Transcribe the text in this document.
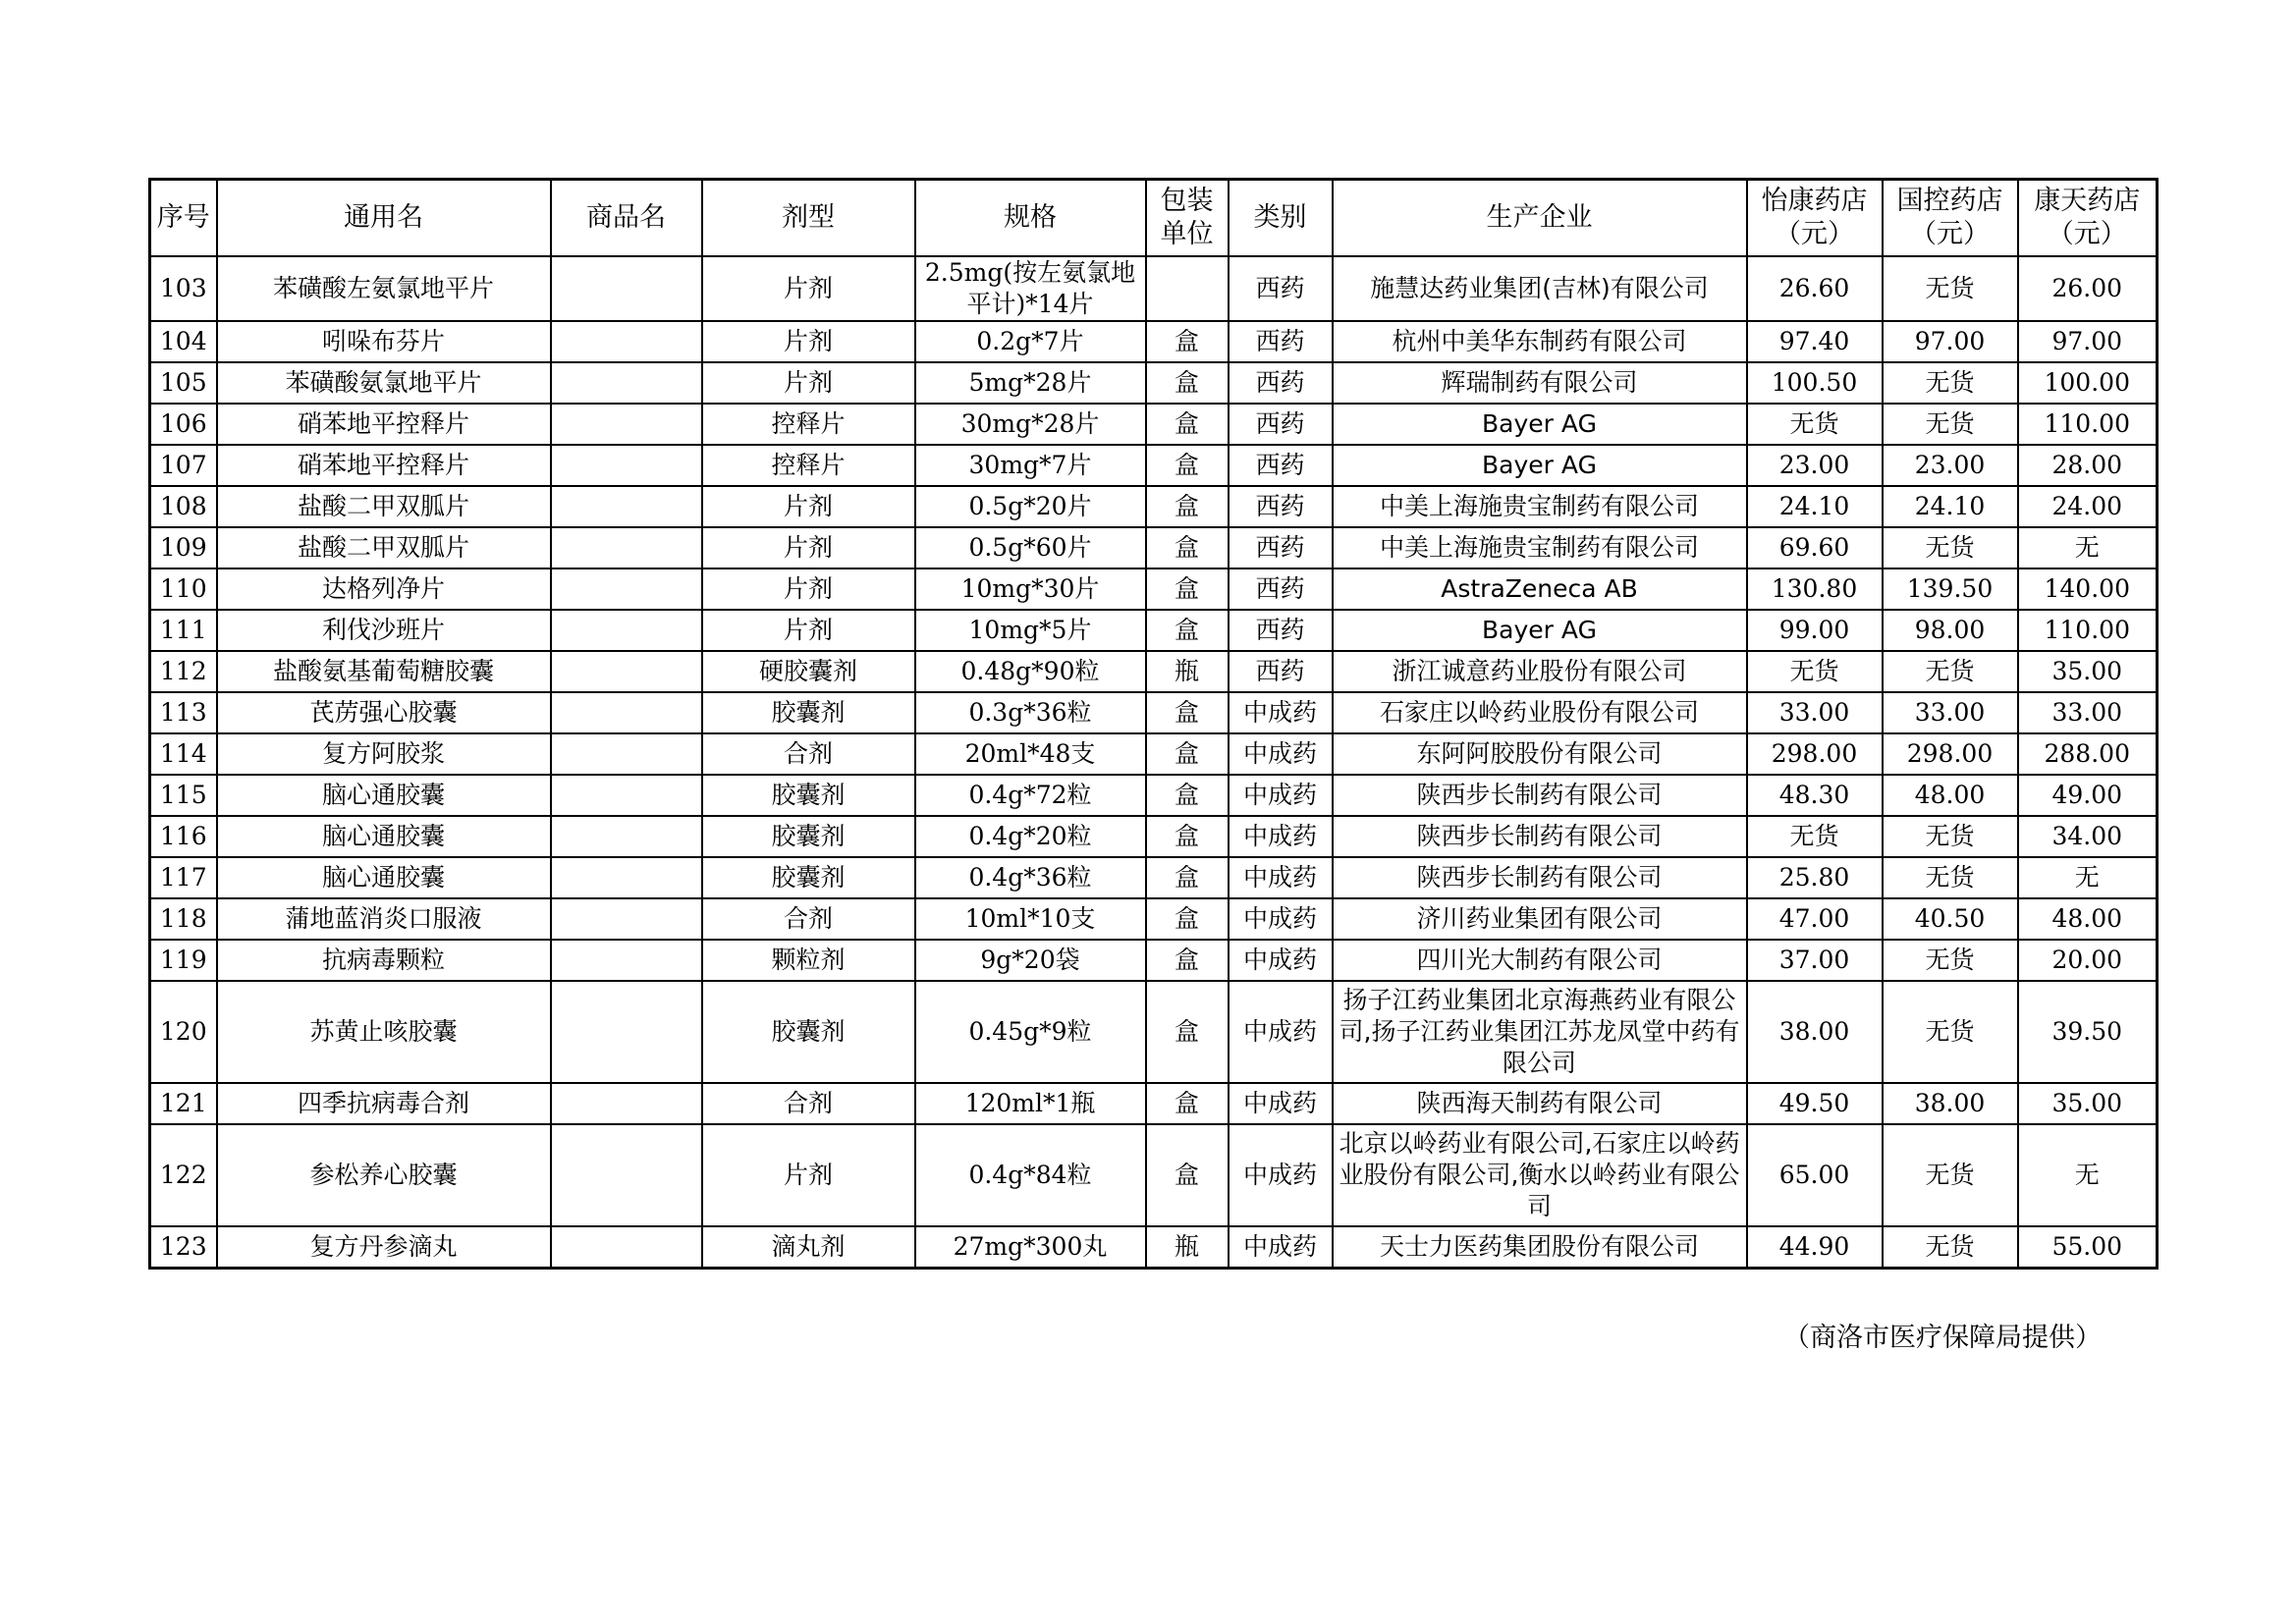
序号	通用名	商品名	剂型	规格	包装单位	类别	生产企业	怡康药店（元）	国控药店（元）	康天药店（元）
103	苯磺酸左氨氯地平片		片剂	2.5mg(按左氨氯地平计)*14片		西药	施慧达药业集团(吉林)有限公司	26.60	无货	26.00
104	吲哚布芬片		片剂	0.2g*7片	盒	西药	杭州中美华东制药有限公司	97.40	97.00	97.00
105	苯磺酸氨氯地平片		片剂	5mg*28片	盒	西药	辉瑞制药有限公司	100.50	无货	100.00
106	硝苯地平控释片		控释片	30mg*28片	盒	西药	Bayer AG	无货	无货	110.00
107	硝苯地平控释片		控释片	30mg*7片	盒	西药	Bayer AG	23.00	23.00	28.00
108	盐酸二甲双胍片		片剂	0.5g*20片	盒	西药	中美上海施贵宝制药有限公司	24.10	24.10	24.00
109	盐酸二甲双胍片		片剂	0.5g*60片	盒	西药	中美上海施贵宝制药有限公司	69.60	无货	无
110	达格列净片		片剂	10mg*30片	盒	西药	AstraZeneca AB	130.80	139.50	140.00
111	利伐沙班片		片剂	10mg*5片	盒	西药	Bayer AG	99.00	98.00	110.00
112	盐酸氨基葡萄糖胶囊		硬胶囊剂	0.48g*90粒	瓶	西药	浙江诚意药业股份有限公司	无货	无货	35.00
113	芪苈强心胶囊		胶囊剂	0.3g*36粒	盒	中成药	石家庄以岭药业股份有限公司	33.00	33.00	33.00
114	复方阿胶浆		合剂	20ml*48支	盒	中成药	东阿阿胶股份有限公司	298.00	298.00	288.00
115	脑心通胶囊		胶囊剂	0.4g*72粒	盒	中成药	陕西步长制药有限公司	48.30	48.00	49.00
116	脑心通胶囊		胶囊剂	0.4g*20粒	盒	中成药	陕西步长制药有限公司	无货	无货	34.00
117	脑心通胶囊		胶囊剂	0.4g*36粒	盒	中成药	陕西步长制药有限公司	25.80	无货	无
118	蒲地蓝消炎口服液		合剂	10ml*10支	盒	中成药	济川药业集团有限公司	47.00	40.50	48.00
119	抗病毒颗粒		颗粒剂	9g*20袋	盒	中成药	四川光大制药有限公司	37.00	无货	20.00
120	苏黄止咳胶囊		胶囊剂	0.45g*9粒	盒	中成药	扬子江药业集团北京海燕药业有限公司,扬子江药业集团江苏龙凤堂中药有限公司	38.00	无货	39.50
121	四季抗病毒合剂		合剂	120ml*1瓶	盒	中成药	陕西海天制药有限公司	49.50	38.00	35.00
122	参松养心胶囊		片剂	0.4g*84粒	盒	中成药	北京以岭药业有限公司,石家庄以岭药业股份有限公司,衡水以岭药业有限公司	65.00	无货	无
123	复方丹参滴丸		滴丸剂	27mg*300丸	瓶	中成药	天士力医药集团股份有限公司	44.90	无货	55.00
（商洛市医疗保障局提供）
